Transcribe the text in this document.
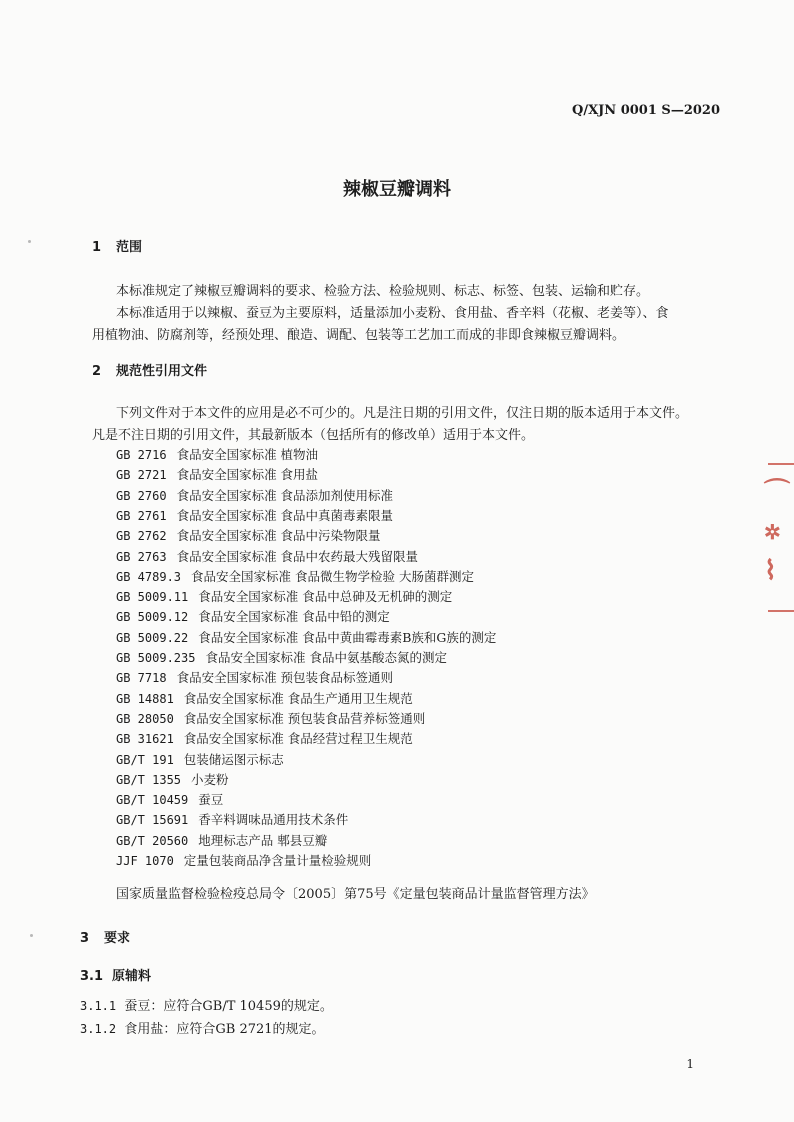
Q/XJN 0001 S—2020
辣椒豆瓣调料
1 范围
本标准规定了辣椒豆瓣调料的要求、检验方法、检验规则、标志、标签、包装、运输和贮存。
本标准适用于以辣椒、蚕豆为主要原料，适量添加小麦粉、食用盐、香辛料（花椒、老姜等）、食
用植物油、防腐剂等，经预处理、酿造、调配、包装等工艺加工而成的非即食辣椒豆瓣调料。
2 规范性引用文件
下列文件对于本文件的应用是必不可少的。凡是注日期的引用文件，仅注日期的版本适用于本文件。
凡是不注日期的引用文件，其最新版本（包括所有的修改单）适用于本文件。
GB 2716 食品安全国家标准 植物油
GB 2721 食品安全国家标准 食用盐
GB 2760 食品安全国家标准 食品添加剂使用标准
GB 2761 食品安全国家标准 食品中真菌毒素限量
GB 2762 食品安全国家标准 食品中污染物限量
GB 2763 食品安全国家标准 食品中农药最大残留限量
GB 4789.3 食品安全国家标准 食品微生物学检验 大肠菌群测定
GB 5009.11 食品安全国家标准 食品中总砷及无机砷的测定
GB 5009.12 食品安全国家标准 食品中铅的测定
GB 5009.22 食品安全国家标准 食品中黄曲霉毒素B族和G族的测定
GB 5009.235 食品安全国家标准 食品中氨基酸态氮的测定
GB 7718 食品安全国家标准 预包装食品标签通则
GB 14881 食品安全国家标准 食品生产通用卫生规范
GB 28050 食品安全国家标准 预包装食品营养标签通则
GB 31621 食品安全国家标准 食品经营过程卫生规范
GB/T 191 包装储运图示标志
GB/T 1355 小麦粉
GB/T 10459 蚕豆
GB/T 15691 香辛料调味品通用技术条件
GB/T 20560 地理标志产品 郫县豆瓣
JJF 1070 定量包装商品净含量计量检验规则
国家质量监督检验检疫总局令〔2005〕第75号《定量包装商品计量监督管理方法》
3 要求
3.1 原辅料
3.1.1 蚕豆：应符合GB/T 10459的规定。
3.1.2 食用盐：应符合GB 2721的规定。
1
⌒
✲
⌇
